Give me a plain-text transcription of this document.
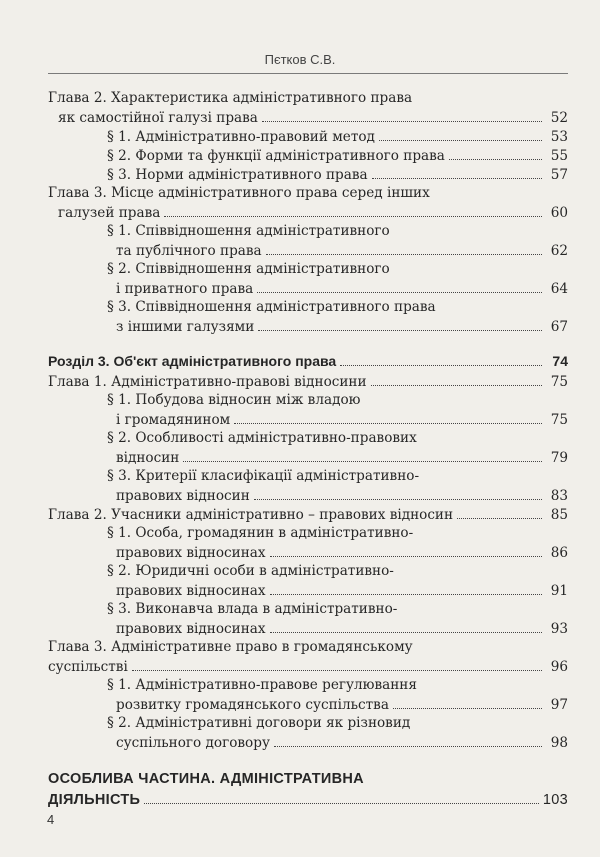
Пєтков С.В.
Глава 2. Характеристика адміністративного права
як самостійної галузі права	52
§ 1. Адміністративно-правовий метод	53
§ 2. Форми та функції адміністративного права	55
§ 3. Норми адміністративного права	57
Глава 3. Місце адміністративного права серед інших
галузей права	60
§ 1. Співвідношення адміністративного
та публічного права	62
§ 2. Співвідношення адміністративного
і приватного права	64
§ 3. Співвідношення адміністративного права
з іншими галузями	67
Розділ 3. Об'єкт адміністративного права	74
Глава 1. Адміністративно-правові відносини	75
§ 1. Побудова відносин між владою
і громадянином	75
§ 2. Особливості адміністративно-правових
відносин	79
§ 3. Критерії класифікації адміністративно-
правових відносин	83
Глава 2. Учасники адміністративно – правових відносин	85
§ 1. Особа, громадянин в адміністративно-
правових відносинах	86
§ 2. Юридичні особи в адміністративно-
правових відносинах	91
§ 3. Виконавча влада в адміністративно-
правових відносинах	93
Глава 3. Адміністративне право в громадянському
суспільстві	96
§ 1. Адміністративно-правове регулювання
розвитку громадянського суспільства	97
§ 2. Адміністративні договори як різновид
суспільного договору	98
ОСОБЛИВА ЧАСТИНА. АДМІНІСТРАТИВНА
ДІЯЛЬНІСТЬ	103
4
